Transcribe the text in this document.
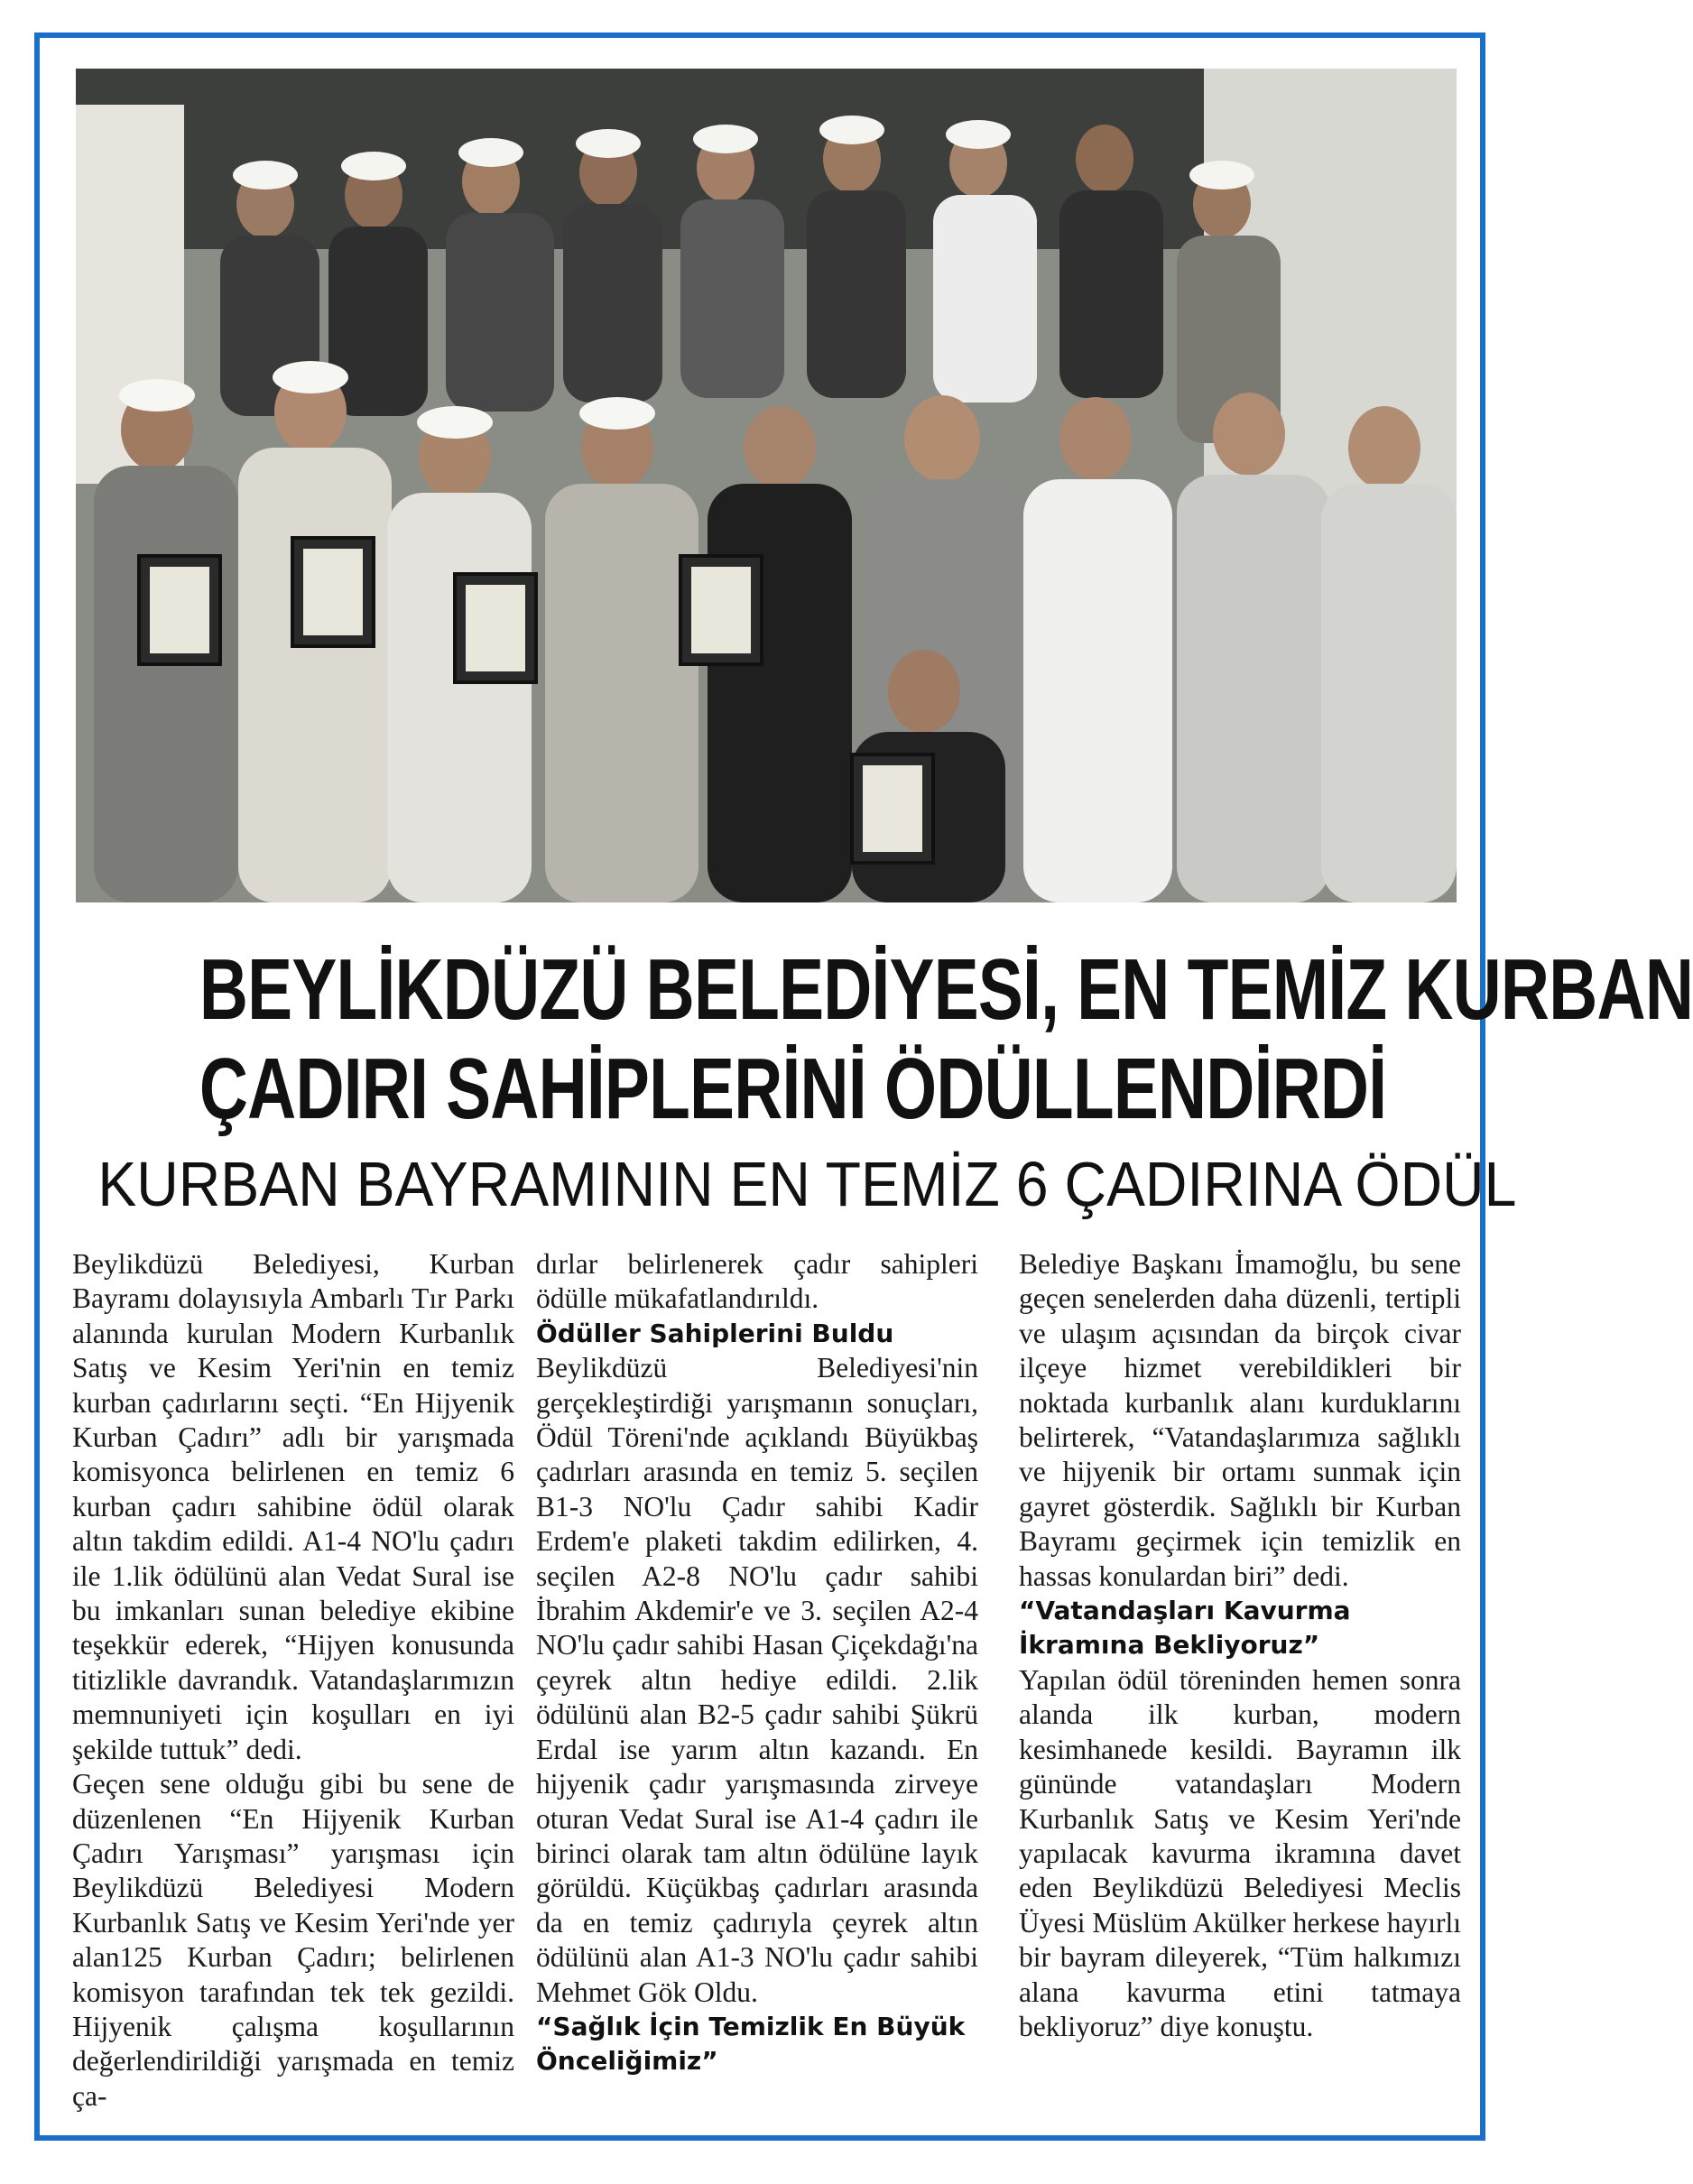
BEYLİKDÜZÜ BELEDİYESİ, EN TEMİZ KURBAN
ÇADIRI SAHİPLERİNİ ÖDÜLLENDİRDİ
KURBAN BAYRAMININ EN TEMİZ 6 ÇADIRINA ÖDÜL

Beylikdüzü Belediyesi, Kurban Bayramı dolayısıyla Ambarlı Tır Parkı alanında kurulan Modern Kurbanlık Satış ve Kesim Yeri'nin en temiz kurban çadırlarını seçti. “En Hijyenik Kurban Çadırı” adlı bir yarışmada komisyonca belirlenen en temiz 6 kurban çadırı sahibine ödül olarak altın takdim edildi. A1-4 NO'lu çadırı ile 1.lik ödülünü alan Vedat Sural ise bu imkanları sunan belediye ekibine teşekkür ederek, “Hijyen konusunda titizlikle davrandık. Vatandaşlarımızın memnuniyeti için koşulları en iyi şekilde tuttuk” dedi.

Geçen sene olduğu gibi bu sene de düzenlenen “En Hijyenik Kurban Çadırı Yarışması” yarışması için Beylikdüzü Belediyesi Modern Kurbanlık Satış ve Kesim Yeri'nde yer alan125 Kurban Çadırı; belirlenen komisyon tarafından tek tek gezildi. Hijyenik çalışma koşullarının değerlendirildiği yarışmada en temiz ça-

dırlar belirlenerek çadır sahipleri ödülle mükafatlandırıldı.

Ödüller Sahiplerini Buldu

Beylikdüzü Belediyesi'nin gerçekleştirdiği yarışmanın sonuçları, Ödül Töreni'nde açıklandı Büyükbaş çadırları arasında en temiz 5. seçilen B1-3 NO'lu Çadır sahibi Kadir Erdem'e plaketi takdim edilirken, 4. seçilen A2-8 NO'lu çadır sahibi İbrahim Akdemir'e ve 3. seçilen A2-4 NO'lu çadır sahibi Hasan Çiçekdağı'na çeyrek altın hediye edildi. 2.lik ödülünü alan B2-5 çadır sahibi Şükrü Erdal ise yarım altın kazandı. En hijyenik çadır yarışmasında zirveye oturan Vedat Sural ise A1-4 çadırı ile birinci olarak tam altın ödülüne layık görüldü. Küçükbaş çadırları arasında da en temiz çadırıyla çeyrek altın ödülünü alan A1-3 NO'lu çadır sahibi Mehmet Gök Oldu.

“Sağlık İçin Temizlik En Büyük Önceliğimiz”

Belediye Başkanı İmamoğlu, bu sene geçen senelerden daha düzenli, tertipli ve ulaşım açısından da birçok civar ilçeye hizmet verebildikleri bir noktada kurbanlık alanı kurduklarını belirterek, “Vatandaşlarımıza sağlıklı ve hijyenik bir ortamı sunmak için gayret gösterdik. Sağlıklı bir Kurban Bayramı geçirmek için temizlik en hassas konulardan biri” dedi.

“Vatandaşları Kavurma İkramına Bekliyoruz”

Yapılan ödül töreninden hemen sonra alanda ilk kurban, modern kesimhanede kesildi. Bayramın ilk gününde vatandaşları Modern Kurbanlık Satış ve Kesim Yeri'nde yapılacak kavurma ikramına davet eden Beylikdüzü Belediyesi Meclis Üyesi Müslüm Akülker herkese hayırlı bir bayram dileyerek, “Tüm halkımızı alana kavurma etini tatmaya bekliyoruz” diye konuştu.
